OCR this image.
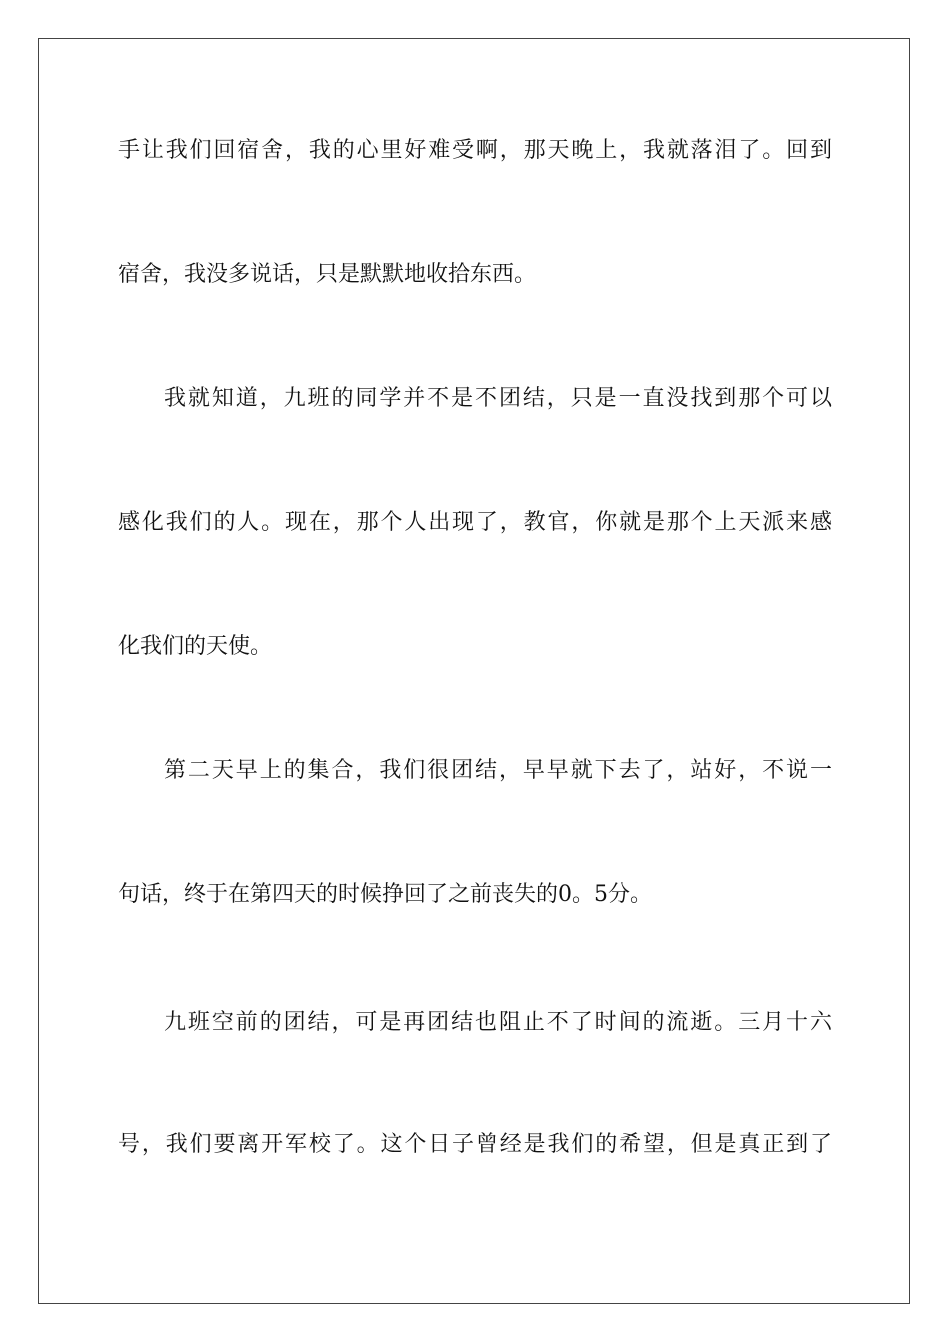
手让我们回宿舍，我的心里好难受啊，那天晚上，我就落泪了。回到
宿舍，我没多说话，只是默默地收拾东西。
我就知道，九班的同学并不是不团结，只是一直没找到那个可以
感化我们的人。现在，那个人出现了，教官，你就是那个上天派来感
化我们的天使。
第二天早上的集合，我们很团结，早早就下去了，站好，不说一
句话，终于在第四天的时候挣回了之前丧失的0。5分。
九班空前的团结，可是再团结也阻止不了时间的流逝。三月十六
号，我们要离开军校了。这个日子曾经是我们的希望，但是真正到了
